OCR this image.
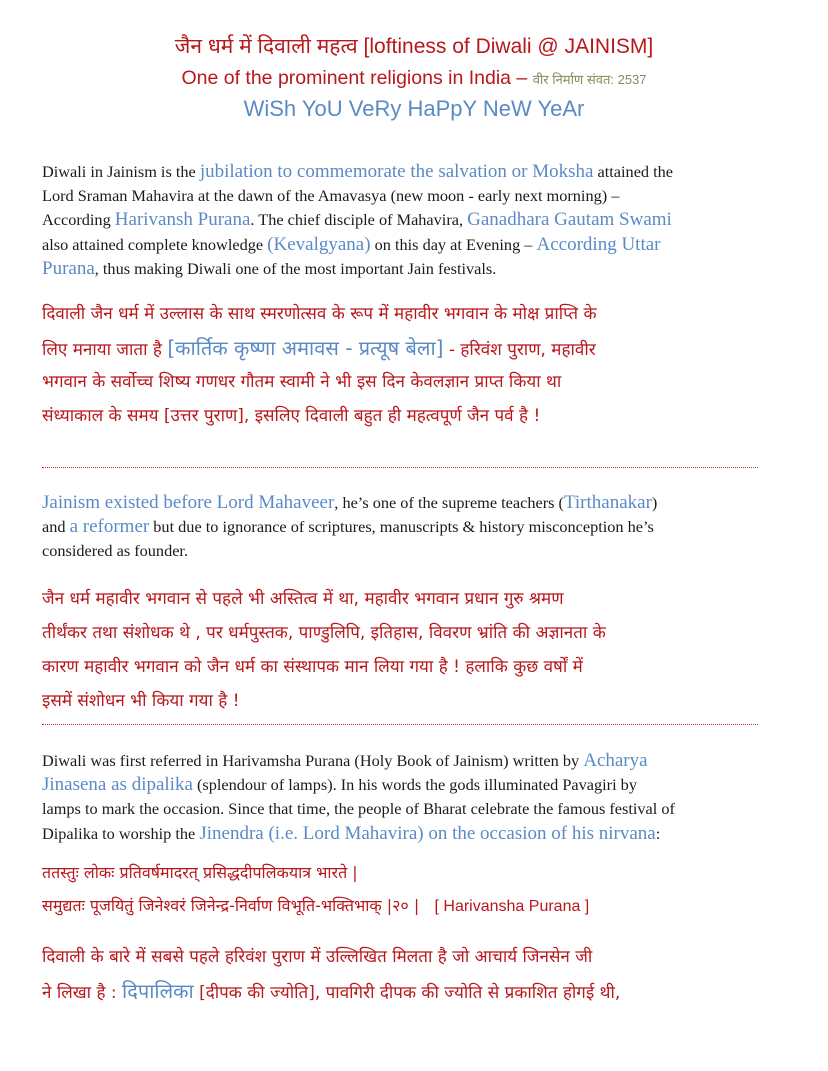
जैन धर्म में दिवाली महत्व [loftiness of Diwali @ JAINISM]
One of the prominent religions in India – वीर निर्माण संवत: 2537
WiSh YoU VeRy HaPpY NeW YeAr
Diwali in Jainism is the jubilation to commemorate the salvation or Moksha attained the
Lord Sraman Mahavira at the dawn of the Amavasya (new moon - early next morning) –
According Harivansh Purana. The chief disciple of Mahavira, Ganadhara Gautam Swami
also attained complete knowledge (Kevalgyana) on this day at Evening – According Uttar
Purana, thus making Diwali one of the most important Jain festivals.
दिवाली जैन धर्म में उल्लास के साथ स्मरणोत्सव के रूप में महावीर भगवान के मोक्ष प्राप्ति के
लिए मनाया जाता है [कार्तिक कृष्णा अमावस - प्रत्यूष बेला] - हरिवंश पुराण, महावीर
भगवान के सर्वोच्च शिष्य गणधर गौतम स्वामी ने भी इस दिन केवलज्ञान प्राप्त किया था
संध्याकाल के समय [उत्तर पुराण], इसलिए दिवाली बहुत ही महत्वपूर्ण जैन पर्व है !
Jainism existed before Lord Mahaveer, he’s one of the supreme teachers (Tirthanakar)
and a reformer but due to ignorance of scriptures, manuscripts & history misconception he’s
considered as founder.
जैन धर्म महावीर भगवान से पहले भी अस्तित्व में था, महावीर भगवान प्रधान गुरु श्रमण
तीर्थंकर तथा संशोधक थे , पर धर्मपुस्तक, पाण्डुलिपि, इतिहास, विवरण भ्रांति की अज्ञानता के
कारण महावीर भगवान को जैन धर्म का संस्थापक मान लिया गया है ! हलाकि कुछ वर्षों में
इसमें संशोधन भी किया गया है !
Diwali was first referred in Harivamsha Purana (Holy Book of Jainism) written by Acharya
Jinasena as dipalika (splendour of lamps). In his words the gods illuminated Pavagiri by
lamps to mark the occasion. Since that time, the people of Bharat celebrate the famous festival of
Dipalika to worship the Jinendra (i.e. Lord Mahavira) on the occasion of his nirvana:
ततस्तुः लोकः प्रतिवर्षमादरत् प्रसिद्धदीपलिकयात्र भारते |
समुद्यतः पूजयितुं जिनेश्वरं जिनेन्द्र-निर्वाण विभूति-भक्तिभाक् |२० | [ Harivansha Purana ]
दिवाली के बारे में सबसे पहले हरिवंश पुराण में उल्लिखित मिलता है जो आचार्य जिनसेन जी
ने लिखा है : दिपालिका [दीपक की ज्योति], पावगिरी दीपक की ज्योति से प्रकाशित होगई थी,
